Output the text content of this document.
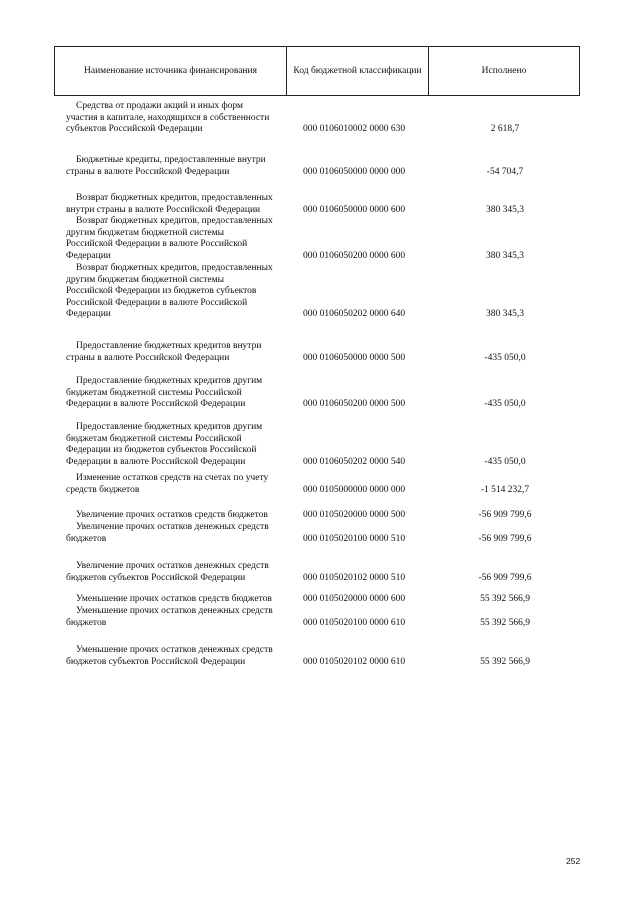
Наименование источника финансирования	Код бюджетной классификации	Исполнено
Средства от продажи акций и иных форм
участия в капитале, находящихся в собственности
субъектов Российской Федерации	000 0106010002 0000 630	2 618,7
Бюджетные кредиты, предоставленные внутри
страны в валюте Российской Федерации	000 0106050000 0000 000	-54 704,7
Возврат бюджетных кредитов, предоставленных
внутри страны в валюте Российской Федерации	000 0106050000 0000 600	380 345,3
Возврат бюджетных кредитов, предоставленных
другим бюджетам бюджетной системы
Российской Федерации в валюте Российской
Федерации	000 0106050200 0000 600	380 345,3
Возврат бюджетных кредитов, предоставленных
другим бюджетам бюджетной системы
Российской Федерации из бюджетов субъектов
Российской Федерации в валюте Российской
Федерации	000 0106050202 0000 640	380 345,3
Предоставление бюджетных кредитов внутри
страны в валюте Российской Федерации	000 0106050000 0000 500	-435 050,0
Предоставление бюджетных кредитов другим
бюджетам бюджетной системы Российской
Федерации в валюте Российской Федерации	000 0106050200 0000 500	-435 050,0
Предоставление бюджетных кредитов другим
бюджетам бюджетной системы Российской
Федерации из бюджетов субъектов Российской
Федерации в валюте Российской Федерации	000 0106050202 0000 540	-435 050,0
Изменение остатков средств на счетах по учету
средств бюджетов	000 0105000000 0000 000	-1 514 232,7
Увеличение прочих остатков средств бюджетов	000 0105020000 0000 500	-56 909 799,6
Увеличение прочих остатков денежных средств
бюджетов	000 0105020100 0000 510	-56 909 799,6
Увеличение прочих остатков денежных средств
бюджетов субъектов Российской Федерации	000 0105020102 0000 510	-56 909 799,6
Уменьшение прочих остатков средств бюджетов	000 0105020000 0000 600	55 392 566,9
Уменьшение прочих остатков денежных средств
бюджетов	000 0105020100 0000 610	55 392 566,9
Уменьшение прочих остатков денежных средств
бюджетов субъектов Российской Федерации	000 0105020102 0000 610	55 392 566,9
252
